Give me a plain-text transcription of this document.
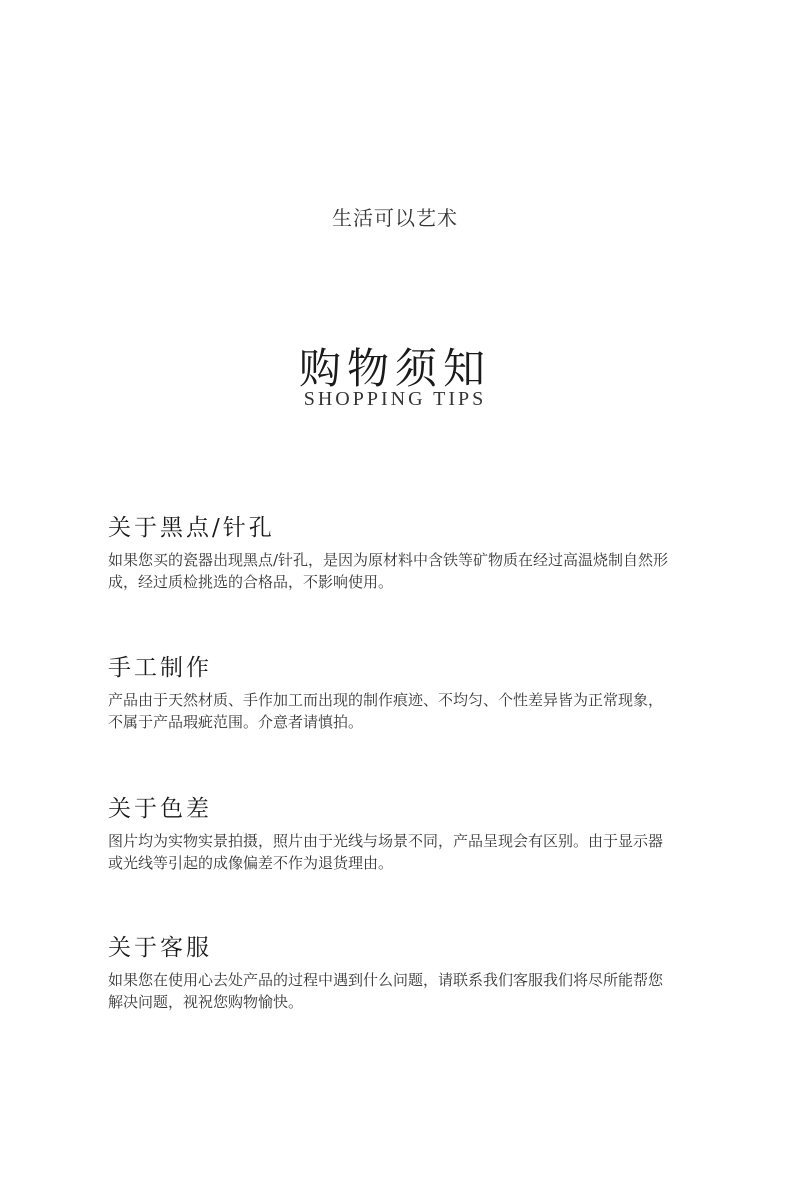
生活可以艺术
购物须知
SHOPPING TIPS
关于黑点/针孔

如果您买的瓷器出现黑点/针孔，是因为原材料中含铁等矿物质在经过高温烧制自然形成，经过质检挑选的合格品，不影响使用。

手工制作

产品由于天然材质、手作加工而出现的制作痕迹、不均匀、个性差异皆为正常现象，不属于产品瑕疵范围。介意者请慎拍。

关于色差

图片均为实物实景拍摄，照片由于光线与场景不同，产品呈现会有区别。由于显示器或光线等引起的成像偏差不作为退货理由。

关于客服

如果您在使用心去处产品的过程中遇到什么问题，请联系我们客服我们将尽所能帮您解决问题，视祝您购物愉快。
